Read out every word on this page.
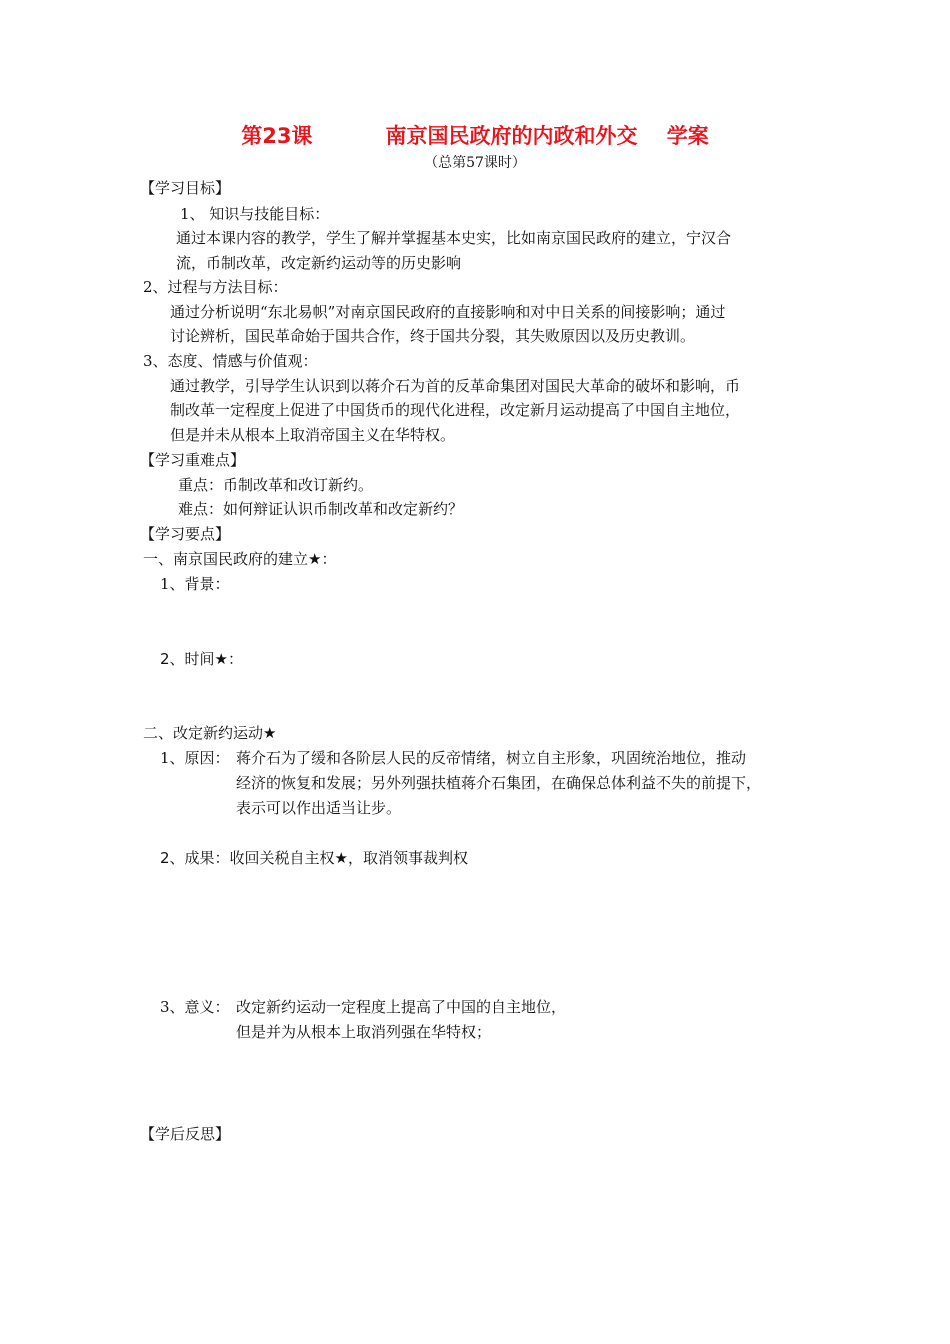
第23课          南京国民政府的内政和外交    学案
（总第57课时）
【学习目标】
1、 知识与技能目标：
通过本课内容的教学，学生了解并掌握基本史实，比如南京国民政府的建立，宁汉合
流，币制改革，改定新约运动等的历史影响
2、过程与方法目标：
通过分析说明“东北易帜”对南京国民政府的直接影响和对中日关系的间接影响；通过
讨论辨析，国民革命始于国共合作，终于国共分裂，其失败原因以及历史教训。
3、态度、情感与价值观：
通过教学，引导学生认识到以蒋介石为首的反革命集团对国民大革命的破坏和影响，币
制改革一定程度上促进了中国货币的现代化进程，改定新月运动提高了中国自主地位，
但是并未从根本上取消帝国主义在华特权。
【学习重难点】
重点：币制改革和改订新约。
难点：如何辩证认识币制改革和改定新约？
【学习要点】
一、南京国民政府的建立★：
1、背景：
2、时间★：
二、改定新约运动★
1、原因： 蒋介石为了缓和各阶层人民的反帝情绪，树立自主形象，巩固统治地位，推动
经济的恢复和发展；另外列强扶植蒋介石集团，在确保总体利益不失的前提下，
表示可以作出适当让步。
2、成果：收回关税自主权★，取消领事裁判权
3、意义： 改定新约运动一定程度上提高了中国的自主地位，
但是并为从根本上取消列强在华特权；
【学后反思】
